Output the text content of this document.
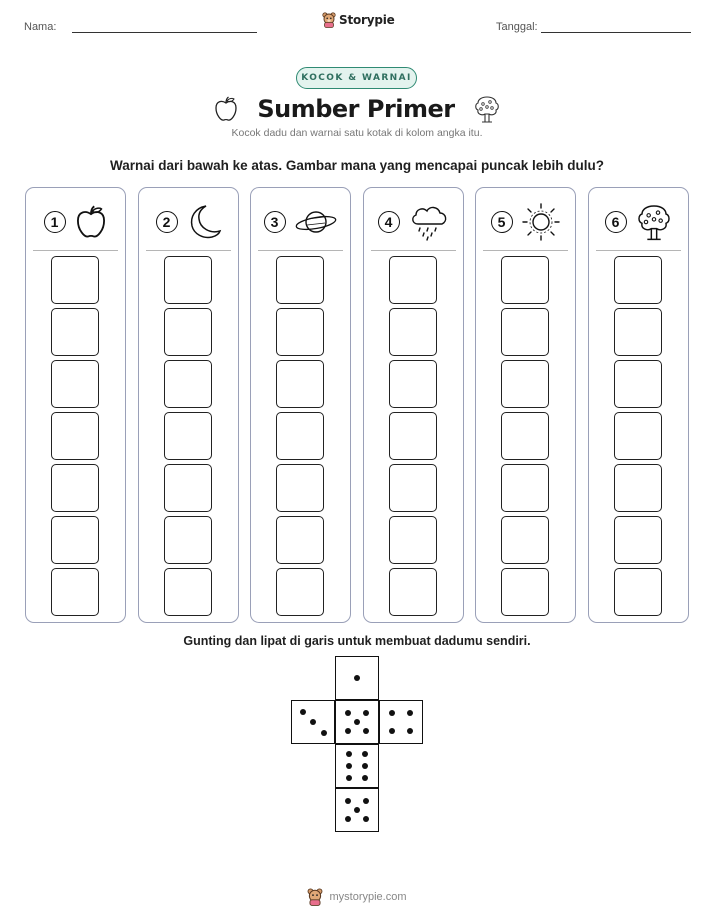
Nama:	Storypie	Tanggal:
KOCOK & WARNAI
Sumber Primer
Kocok dadu dan warnai satu kotak di kolom angka itu.
Warnai dari bawah ke atas. Gambar mana yang mencapai puncak lebih dulu?
1	2	3	4	5	6
Gunting dan lipat di garis untuk membuat dadumu sendiri.
mystorypie.com
